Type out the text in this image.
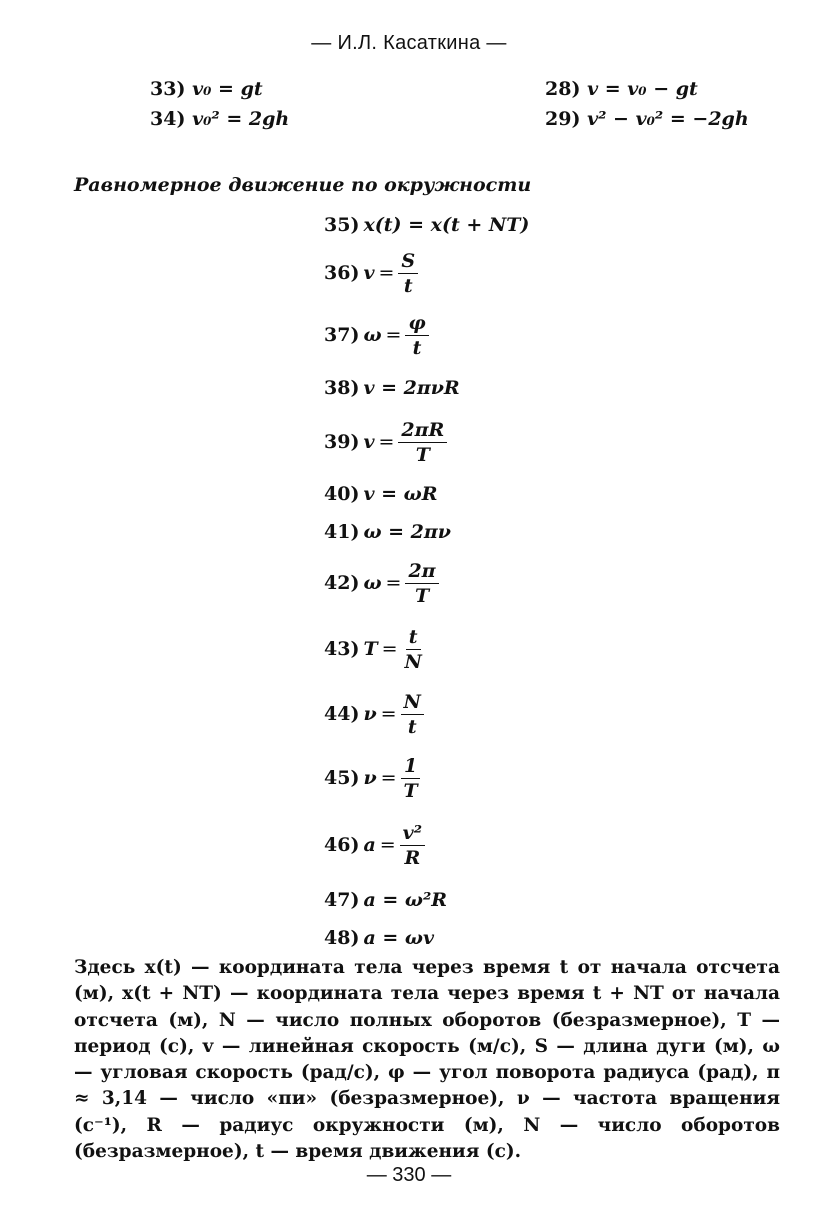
— И.Л. Касаткина —
33) v₀ = gt
34) v₀² = 2gh
28) v = v₀ − gt
29) v² − v₀² = −2gh
Равномерное движение по окружности
35) x(t) = x(t + NT)
36) $v = \frac{S}{t}$
37) $\omega = \frac{\varphi}{t}$
38) v = 2πνR
39) $v = \frac{2\pi R}{T}$
40) v = ωR
41) ω = 2πν
42) $\omega = \frac{2\pi}{T}$
43) $T = \frac{t}{N}$
44) $\nu = \frac{N}{t}$
45) $\nu = \frac{1}{T}$
46) $a = \frac{\text{v²}}{R}$
47) a = ω²R
48) a = ωv

Здесь x(t) — координата тела через время t от начала отсчета (м), x(t + NT) — координата тела через время t + NT от начала отсчета (м), N — число полных оборотов (безразмерное), T — период (с), v — линейная скорость (м/с), S — длина дуги (м), ω — угловая скорость (рад/с), φ — угол поворота радиуса (рад), π ≈ 3,14 — число «пи» (безразмерное), ν — частота вращения (с⁻¹), R — радиус окружности (м), N — число оборотов (безразмерное), t — время движения (с).

— 330 —
